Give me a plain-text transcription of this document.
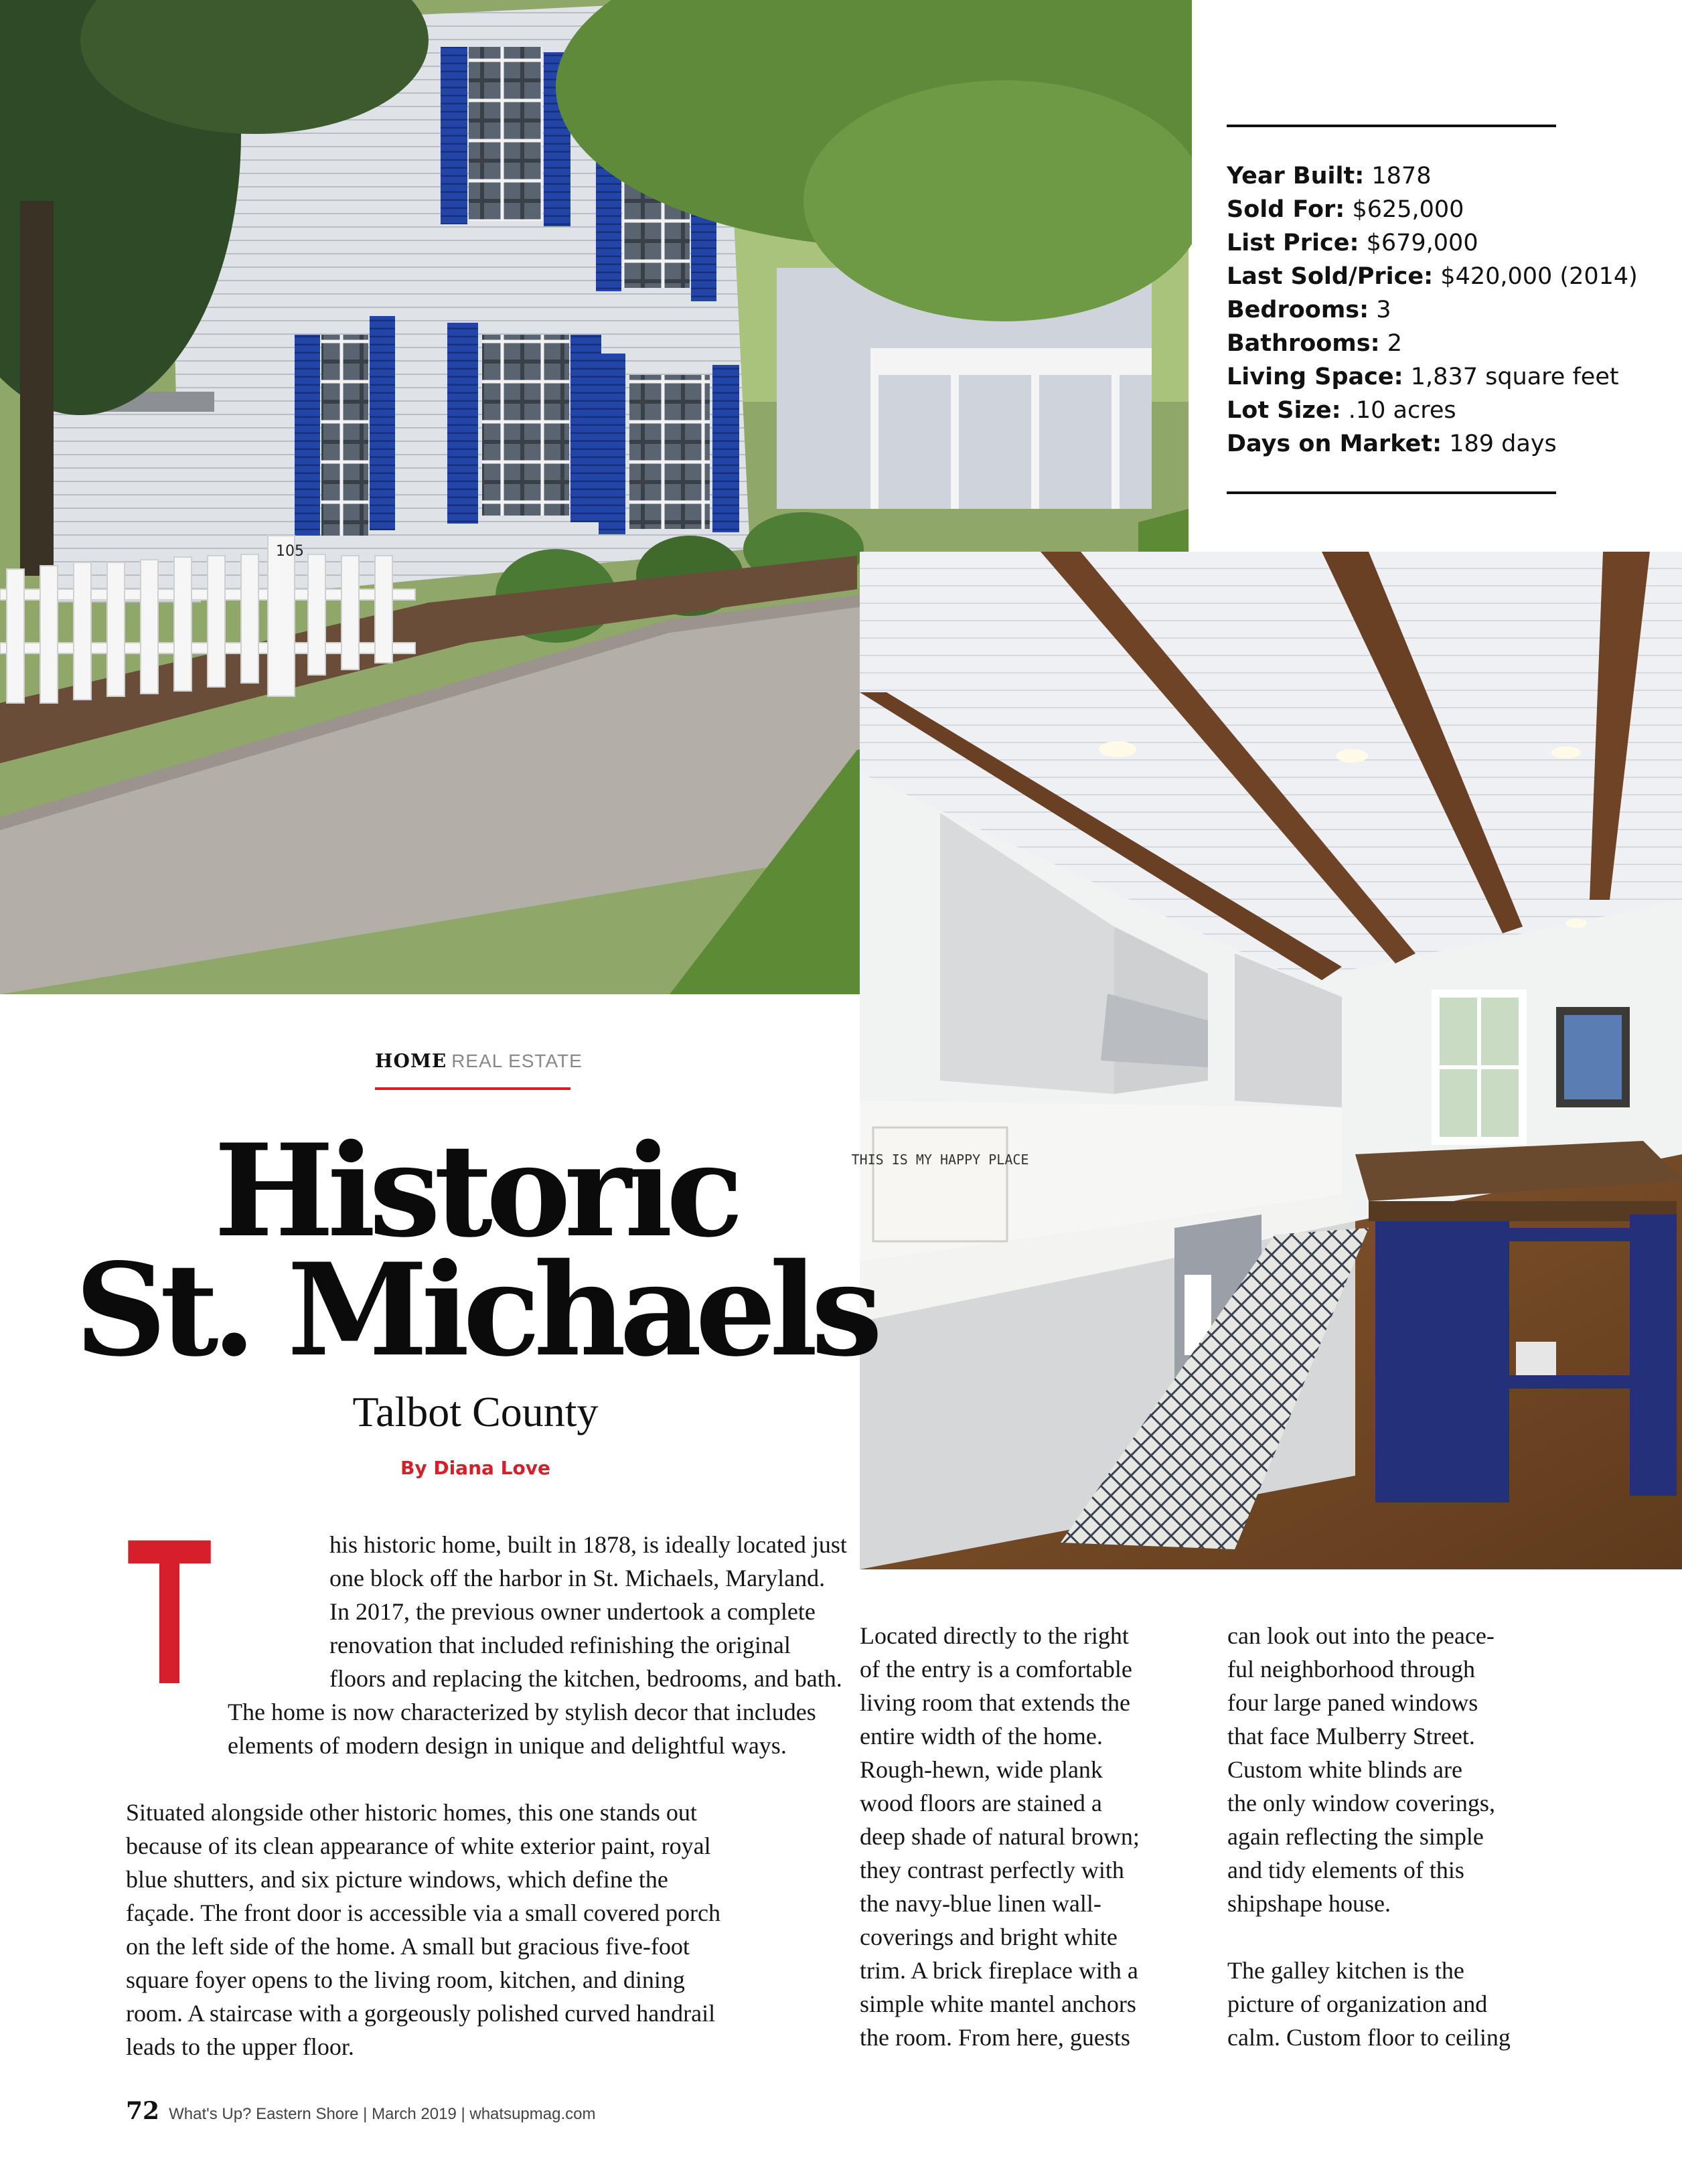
105
Year Built: 1878
Sold For: $625,000
List Price: $679,000
Last Sold/Price: $420,000 (2014)
Bedrooms: 3
Bathrooms: 2
Living Space: 1,837 square feet
Lot Size: .10 acres
Days on Market: 189 days
THIS IS MY HAPPY PLACE
HOME REAL ESTATE
Historic
St. Michaels
Talbot County
By Diana Love
T	his historic home, built in 1878, is ideally located just
one block off the harbor in St. Michaels, Maryland.
In 2017, the previous owner undertook a complete
renovation that included refinishing the original
floors and replacing the kitchen, bedrooms, and bath.
The home is now characterized by stylish decor that includes
elements of modern design in unique and delightful ways.

Situated alongside other historic homes, this one stands out
because of its clean appearance of white exterior paint, royal
blue shutters, and six picture windows, which define the
façade. The front door is accessible via a small covered porch
on the left side of the home. A small but gracious five-foot
square foyer opens to the living room, kitchen, and dining
room. A staircase with a gorgeously polished curved handrail
leads to the upper floor.

Located directly to the right
of the entry is a comfortable
living room that extends the
entire width of the home.
Rough-hewn, wide plank
wood floors are stained a
deep shade of natural brown;
they contrast perfectly with
the navy-blue linen wall-
coverings and bright white
trim. A brick fireplace with a
simple white mantel anchors
the room. From here, guests

can look out into the peace-
ful neighborhood through
four large paned windows
that face Mulberry Street.
Custom white blinds are
the only window coverings,
again reflecting the simple
and tidy elements of this
shipshape house.

The galley kitchen is the
picture of organization and
calm. Custom floor to ceiling

72 What's Up? Eastern Shore | March 2019 | whatsupmag.com
